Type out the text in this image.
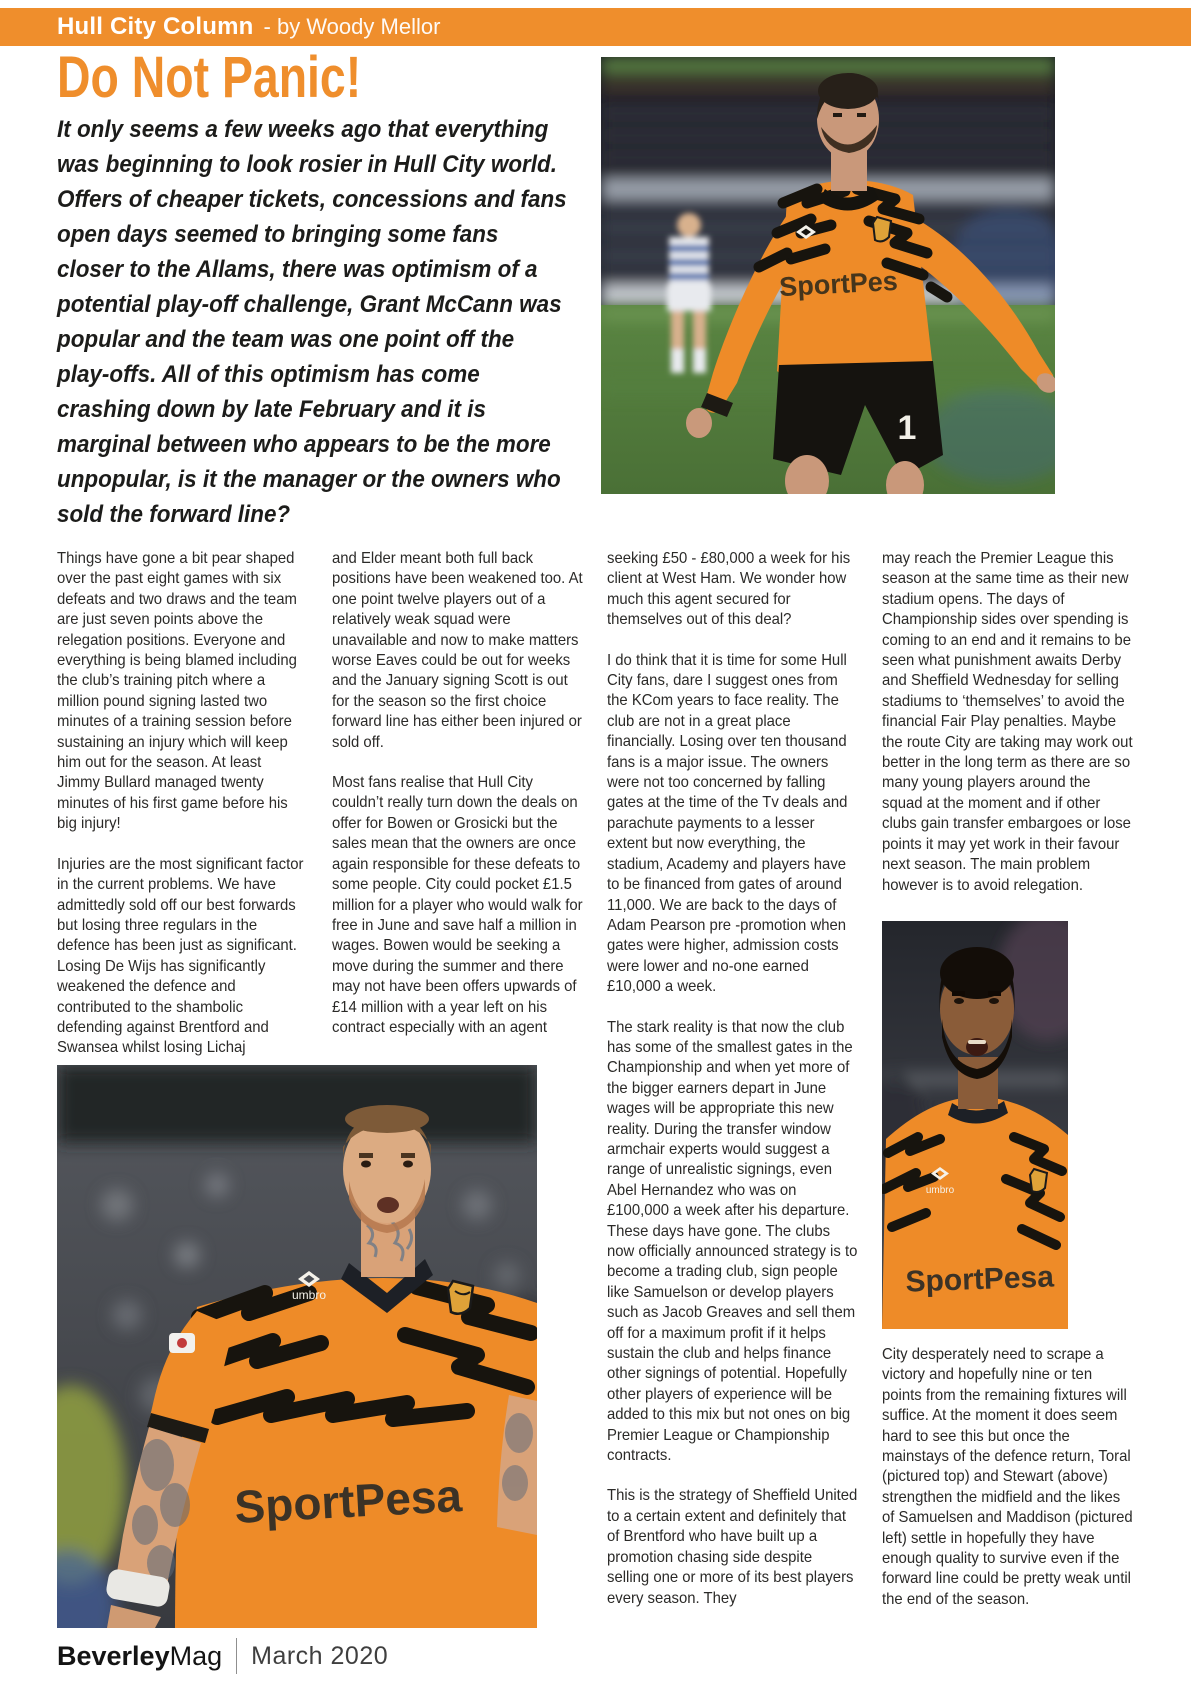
Hull City Column - by Woody Mellor
Do Not Panic!
It only seems a few weeks ago that everything was beginning to look rosier in Hull City world. Offers of cheaper tickets, concessions and fans open days seemed to bringing some fans closer to the Allams, there was optimism of a potential play-off challenge, Grant McCann was popular and the team was one point off the play-offs. All of this optimism has come crashing down by late February and it is marginal between who appears to be the more unpopular, is it the manager or the owners who sold the forward line?
SportPes
1

Things have gone a bit pear shaped over the past eight games with six defeats and two draws and the team are just seven points above the relegation positions. Everyone and everything is being blamed including the club’s training pitch where a million pound signing lasted two minutes of a training session before sustaining an injury which will keep him out for the season. At least Jimmy Bullard managed twenty minutes of his first game before his big injury!

Injuries are the most significant factor in the current problems. We have admittedly sold off our best forwards but losing three regulars in the defence has been just as significant. Losing De Wijs has significantly weakened the defence and contributed to the shambolic defending against Brentford and Swansea whilst losing Lichaj

and Elder meant both full back positions have been weakened too. At one point twelve players out of a relatively weak squad were unavailable and now to make matters worse Eaves could be out for weeks and the January signing Scott is out for the season so the first choice forward line has either been injured or sold off.

Most fans realise that Hull City couldn’t really turn down the deals on offer for Bowen or Grosicki but the sales mean that the owners are once again responsible for these defeats to some people. City could pocket £1.5 million for a player who would walk for free in June and save half a million in wages. Bowen would be seeking a move during the summer and there may not have been offers upwards of £14 million with a year left on his contract especially with an agent

seeking £50 - £80,000 a week for his client at West Ham. We wonder how much this agent secured for themselves out of this deal?

I do think that it is time for some Hull City fans, dare I suggest ones from the KCom years to face reality. The club are not in a great place financially. Losing over ten thousand fans is a major issue. The owners were not too concerned by falling gates at the time of the Tv deals and parachute payments to a lesser extent but now everything, the stadium, Academy and players have to be financed from gates of around 11,000. We are back to the days of Adam Pearson pre -promotion when gates were higher, admission costs were lower and no-one earned £10,000 a week.

The stark reality is that now the club has some of the smallest gates in the Championship and when yet more of the bigger earners depart in June wages will be appropriate this new reality. During the transfer window armchair experts would suggest a range of unrealistic signings, even Abel Hernandez who was on £100,000 a week after his departure. These days have gone. The clubs now officially announced strategy is to become a trading club, sign people like Samuelson or develop players such as Jacob Greaves and sell them off for a maximum profit if it helps sustain the club and helps finance other signings of potential. Hopefully other players of experience will be added to this mix but not ones on big Premier League or Championship contracts.

This is the strategy of Sheffield United to a certain extent and definitely that of Brentford who have built up a promotion chasing side despite selling one or more of its best players every season. They

may reach the Premier League this season at the same time as their new stadium opens. The days of Championship sides over spending is coming to an end and it remains to be seen what punishment awaits Derby and Sheffield Wednesday for selling stadiums to ‘themselves’ to avoid the financial Fair Play penalties. Maybe the route City are taking may work out better in the long term as there are so many young players around the squad at the moment and if other clubs gain transfer embargoes or lose points it may yet work in their favour next season. The main problem however is to avoid relegation.

City desperately need to scrape a victory and hopefully nine or ten points from the remaining fixtures will suffice. At the moment it does seem hard to see this but once the mainstays of the defence return, Toral (pictured top) and Stewart (above) strengthen the midfield and the likes of Samuelsen and Maddison (pictured left) settle in hopefully they have enough quality to survive even if the forward line could be pretty weak until the end of the season.

umbro
SportPesa
umbro
SportPesa
BeverleyMag March 2020
